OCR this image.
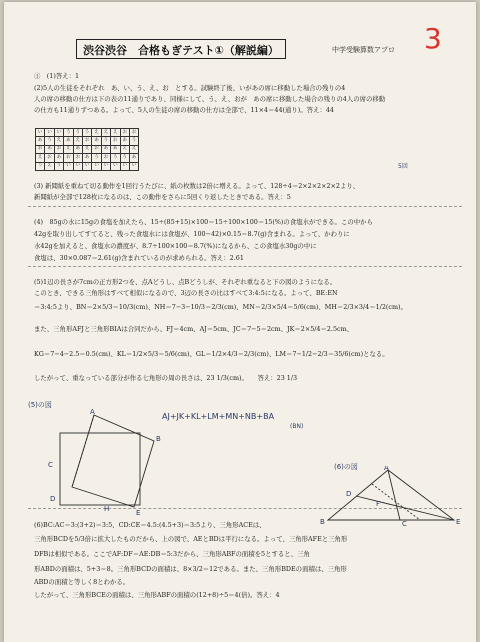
3
渋谷渋谷　合格もぎテスト①（解説編）	中学受験算数アプロ
①　(1)答え：1
(2)5人の生徒をそれぞれ　あ、い、う、え、お　とする。試験終了後、いがあの席に移動した場合の残りの4
人の席の移動の仕方は下の表の11通りであり、同様にして、う、え、おが　あの席に移動した場合の残りの4人の席の移動
の仕方も11通りずつある。よって、5人の生徒の席の移動の仕方は全部で、11×4＝44(通り)。答え：44
(3) 新聞紙を重ねて切る動作を1回行うたびに、紙の枚数は2倍に増える。よって、128÷4＝2×2×2×2×2より、
新聞紙が全部で128枚になるのは、この動作をさらに5回くり返したときである。答え：5
(4)　85gの水に15gの食塩を加えたら、15÷(85+15)×100＝15÷100×100＝15(%)の食塩水ができる。この中から
42gを取り出してすてると、残った食塩水には食塩が、100−42)×0.15＝8.7(g)含まれる。よって、かわりに
水42gを加えると、食塩水の濃度が、8.7÷100×100＝8.7(%)になるから、この食塩水30gの中に
食塩は、30×0.087＝2.61(g)含まれているのが求められる。答え：2.61
(5)1辺の長さが7cmの正方形2つを、点Aどうし、点Bどうしが、それぞれ重なると下の図のようになる。
このとき、できる三角形はすべて相似になるので、3辺の長さの比はすべて3:4:5になる。よって、BE:EN
＝3:4:5より、BN＝2×5/3＝10/3(cm)、NH＝7−3−10/3＝2/3(cm)、MN＝2/3×5/4＝5/6(cm)、MH＝2/3×3/4＝1/2(cm)。
また、三角形AFJと三角形BIAは合同だから、FJ＝4cm、AJ＝5cm、JC＝7−5＝2cm、JK＝2×5/4＝2.5cm、
KG＝7−4−2.5＝0.5(cm)、KL＝1/2×5/3＝5/6(cm)、GL＝1/2×4/3＝2/3(cm)、LM＝7−1/2−2/3＝35/6(cm)となる。
したがって、重なっている部分が作る七角形の周の長さは、23 1/3(cm)。　　答え：23 1/3
(6)BC:AC＝3:(3+2)＝3:5、CD:CE＝4.5:(4.5+3)＝3:5より、三角形ACEは、
三角形BCDを5/3倍に拡大したものだから、上の図で、AEとBDは平行になる。よって、三角形AFEと三角形
DFBは相似である。ここでAF:DF＝AE:DB＝5:3だから、三角形ABFの面積を5とすると、三角
形ABDの面積は、5+3＝8。三角形BCDの面積は、8×3/2＝12である。また、三角形BDEの面積は、三角形
ABDの面積と等しく8とわかる。
したがって、三角形BCEの面積は、三角形ABFの面積の(12+8)÷5＝4(倍)。答え：4
い	い	い	う	う	う	え	え	え	お	お
あ	う	え	あ	え	お	あ	う	お	あ	う
お	あ	お	え	あ	え	お	あ	あ	え	え
え	お	あ	お	お	あ	う	お	う	う	あ
う	え	う	い	い	い	い	い	い	い	い	5回
(5)の図
AJ+JK+KL+LM+MN+NB+BA
(BN)
(6)の図
A
B
E
D
C
H
A
B	E
C
D
F
